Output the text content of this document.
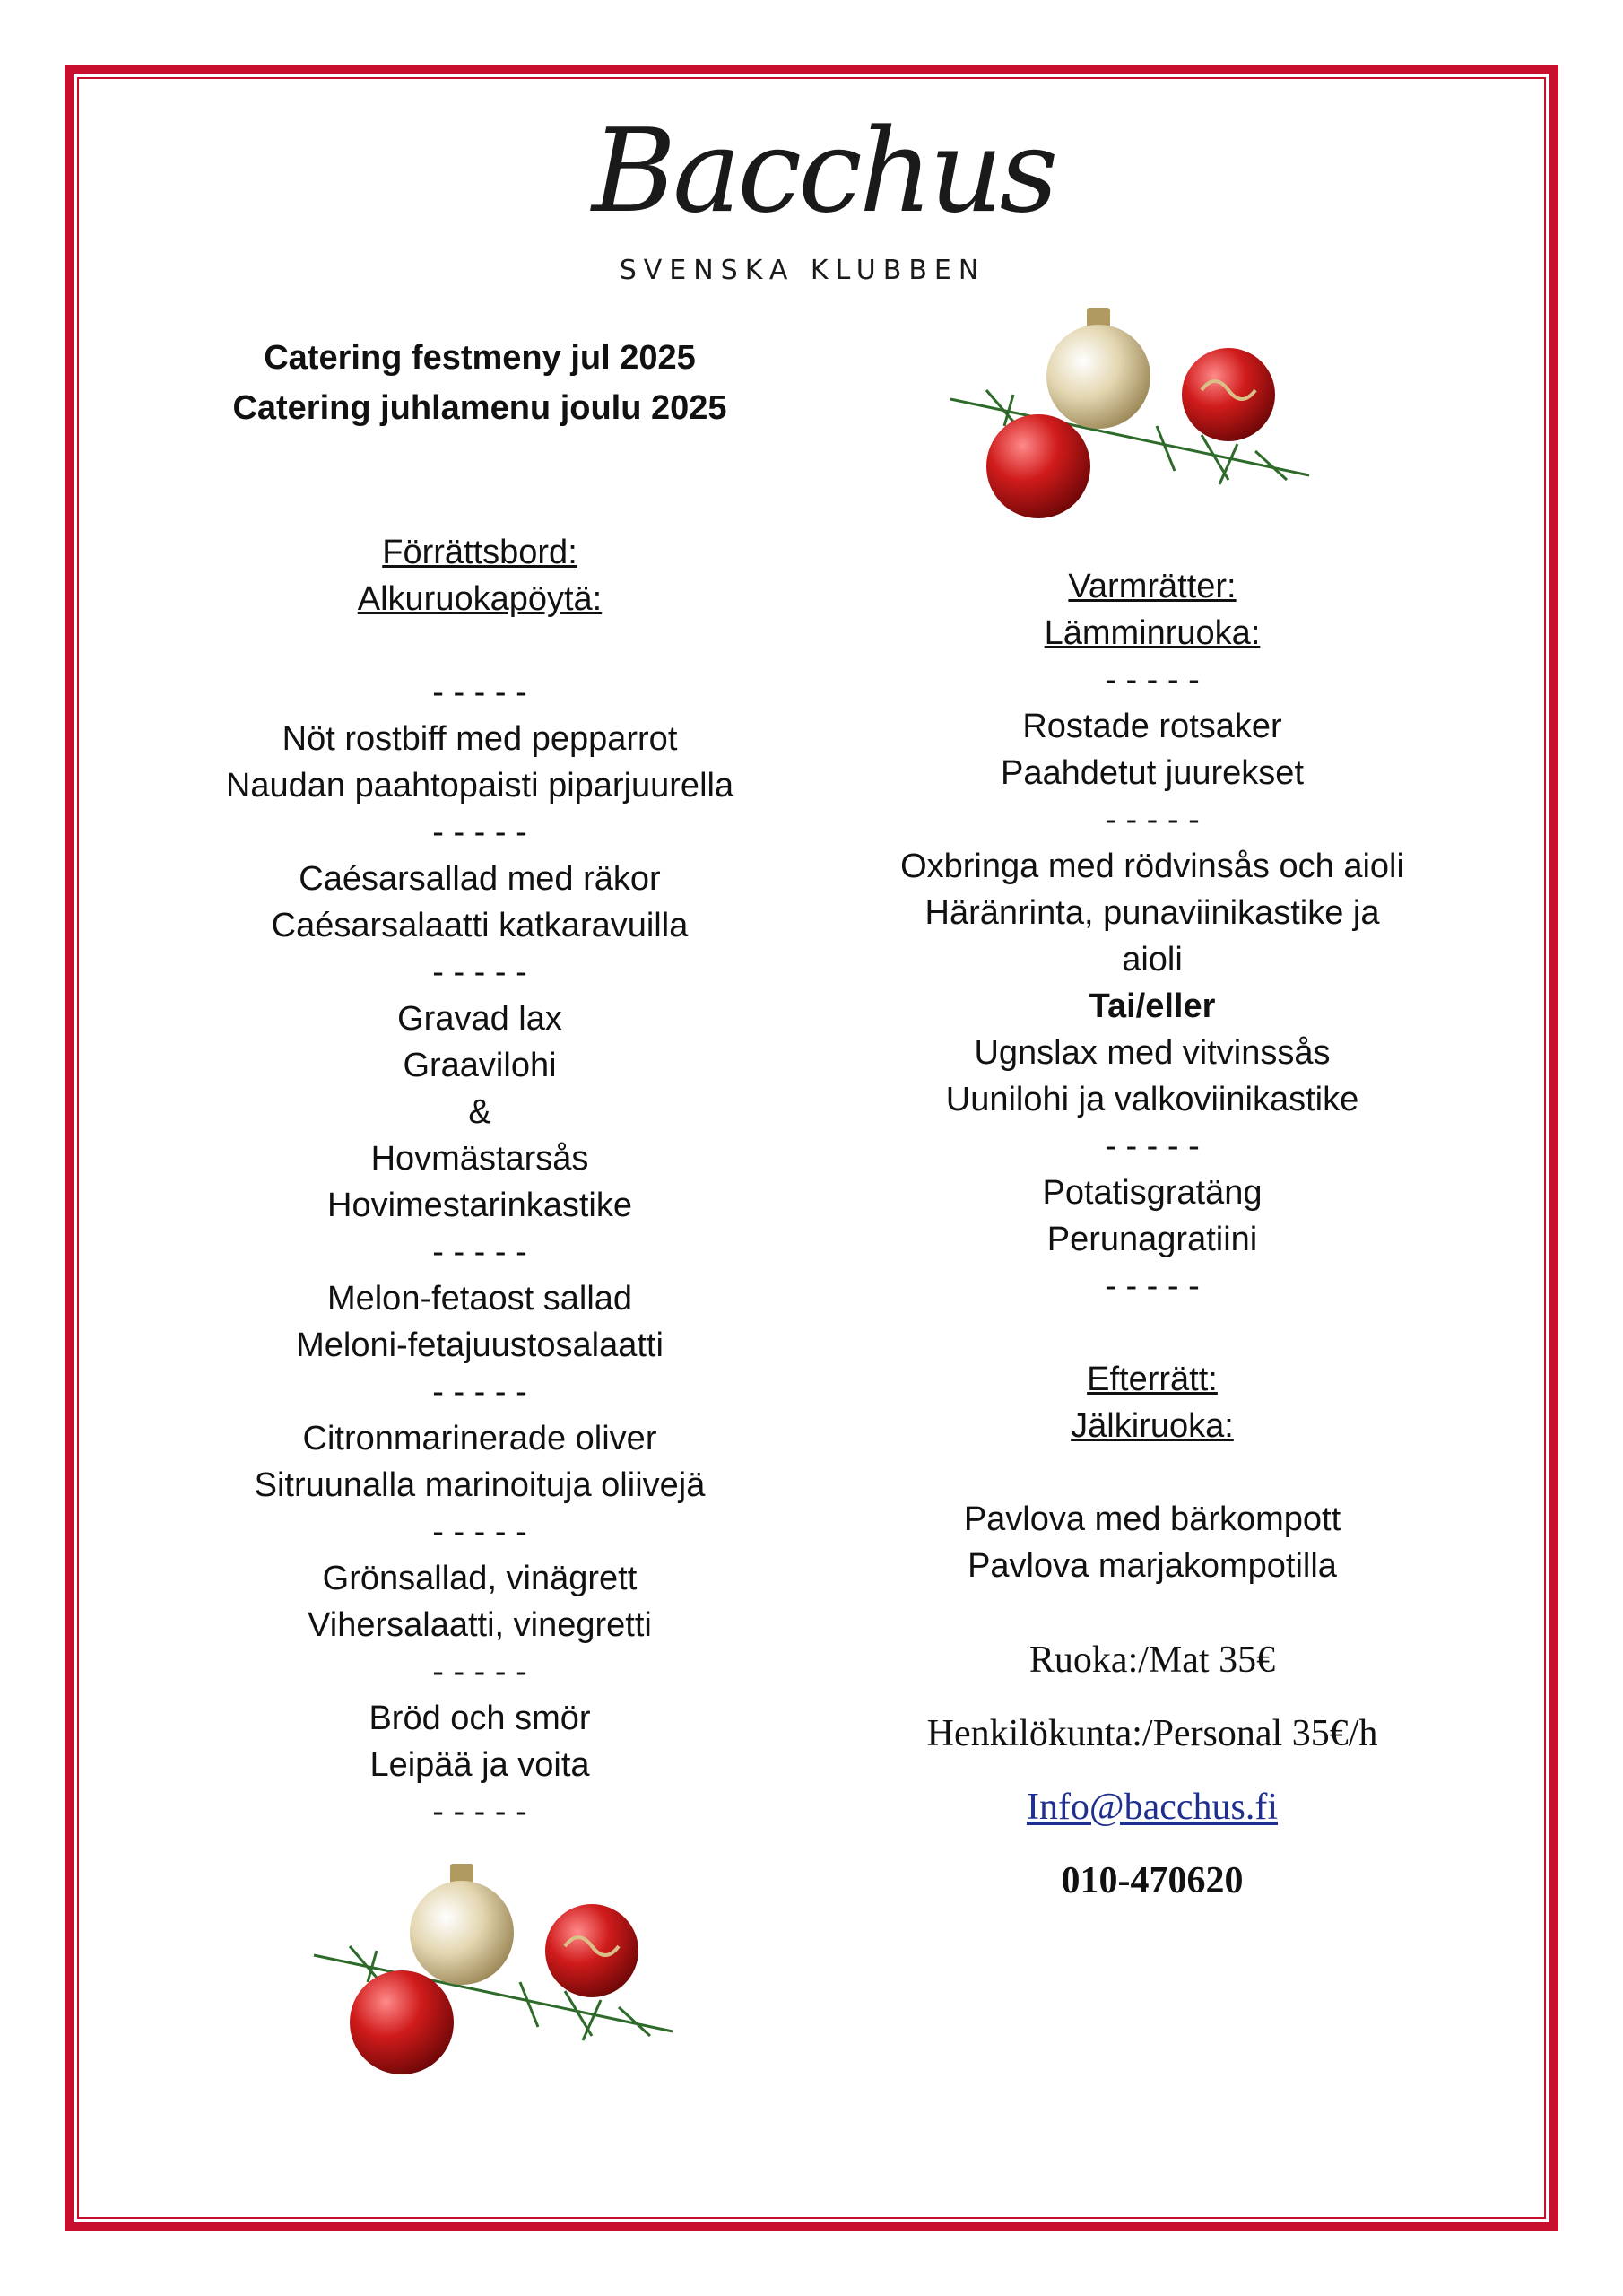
Bacchus
SVENSKA KLUBBEN
Catering festmeny jul 2025
Catering juhlamenu joulu 2025
Förrättsbord:
Alkuruokapöytä:
- - - - -
Nöt rostbiff med pepparrot
Naudan paahtopaisti piparjuurella
- - - - -
Caésarsallad med räkor
Caésarsalaatti katkaravuilla
- - - - -
Gravad lax
Graavilohi
&
Hovmästarsås
Hovimestarinkastike
- - - - -
Melon-fetaost sallad
Meloni-fetajuustosalaatti
- - - - -
Citronmarinerade oliver
Sitruunalla marinoituja oliivejä
- - - - -
Grönsallad, vinägrett
Vihersalaatti, vinegretti
- - - - -
Bröd och smör
Leipää ja voita
- - - - -
Varmrätter:
Lämminruoka:
- - - - -
Rostade rotsaker
Paahdetut juurekset
- - - - -
Oxbringa med rödvinsås och aioli
Häränrinta, punaviinikastike ja
aioli
Tai/eller
Ugnslax med vitvinssås
Uunilohi ja valkoviinikastike
- - - - -
Potatisgratäng
Perunagratiini
- - - - -
Efterrätt:
Jälkiruoka:
Pavlova med bärkompott
Pavlova marjakompotilla
Ruoka:/Mat 35€
Henkilökunta:/Personal 35€/h
Info@bacchus.fi
010-470620
